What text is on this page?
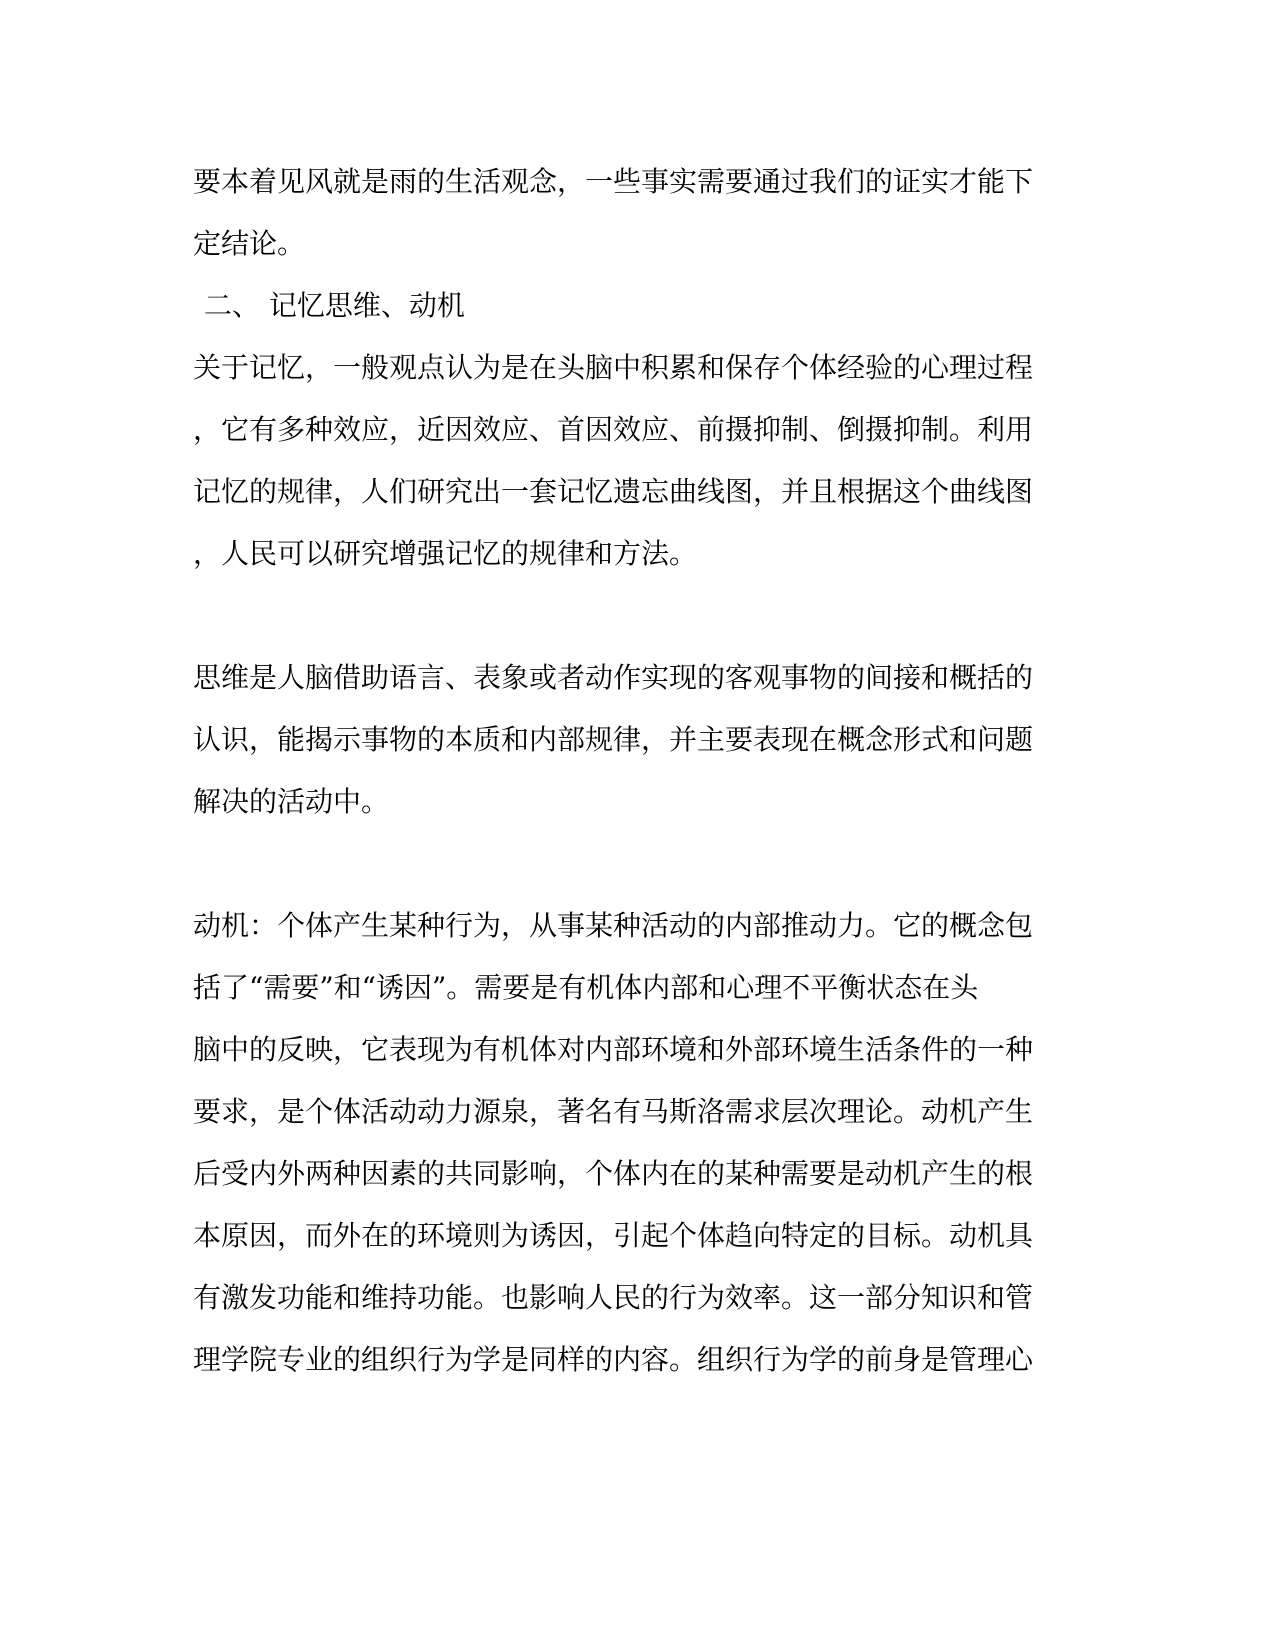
要本着见风就是雨的生活观念，一些事实需要通过我们的证实才能下
定结论。
二、 记忆思维、动机
关于记忆，一般观点认为是在头脑中积累和保存个体经验的心理过程
，它有多种效应，近因效应、首因效应、前摄抑制、倒摄抑制。利用
记忆的规律，人们研究出一套记忆遗忘曲线图，并且根据这个曲线图
，人民可以研究增强记忆的规律和方法。
思维是人脑借助语言、表象或者动作实现的客观事物的间接和概括的
认识，能揭示事物的本质和内部规律，并主要表现在概念形式和问题
解决的活动中。
动机：个体产生某种行为，从事某种活动的内部推动力。它的概念包
括了“需要”和“诱因”。需要是有机体内部和心理不平衡状态在头
脑中的反映，它表现为有机体对内部环境和外部环境生活条件的一种
要求，是个体活动动力源泉，著名有马斯洛需求层次理论。动机产生
后受内外两种因素的共同影响，个体内在的某种需要是动机产生的根
本原因，而外在的环境则为诱因，引起个体趋向特定的目标。动机具
有激发功能和维持功能。也影响人民的行为效率。这一部分知识和管
理学院专业的组织行为学是同样的内容。组织行为学的前身是管理心
